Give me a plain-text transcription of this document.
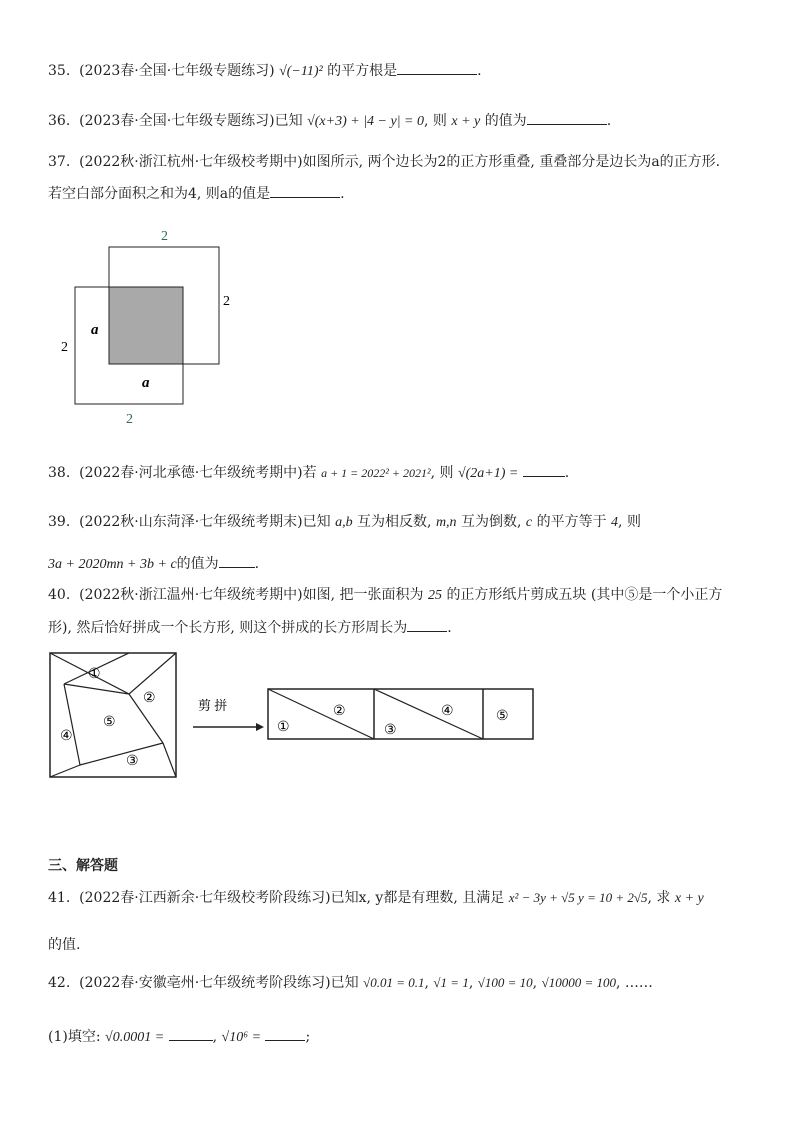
35. (2023春·全国·七年级专题练习) √(−11)² 的平方根是	.
36. (2023春·全国·七年级专题练习)已知 √(x+3) + |4 − y| = 0, 则 x + y 的值为	.
37. (2022秋·浙江杭州·七年级校考期中)如图所示, 两个边长为2的正方形重叠, 重叠部分是边长为a的正方形.
若空白部分面积之和为4, 则a的值是	.
2
2
2
2
a
a
38. (2022春·河北承德·七年级统考期中)若 a + 1 = 2022² + 2021², 则 √(2a+1) =	.
39. (2022秋·山东菏泽·七年级统考期末)已知 a,b 互为相反数, m,n 互为倒数, c 的平方等于 4, 则
3a + 2020mn + 3b + c的值为	.
40. (2022秋·浙江温州·七年级统考期中)如图, 把一张面积为 25 的正方形纸片剪成五块 (其中⑤是一个小正方
形), 然后恰好拼成一个长方形, 则这个拼成的长方形周长为	.
①
②
⑤
④
③
剪 拼
①
②
③
④	⑤
三、解答题
41. (2022春·江西新余·七年级校考阶段练习)已知x, y都是有理数, 且满足 x² − 3y + √5 y = 10 + 2√5, 求 x + y
的值.
42. (2022春·安徽亳州·七年级统考阶段练习)已知 √0.01 = 0.1, √1 = 1, √100 = 10, √10000 = 100, ……
(1)填空: √0.0001 =	, √10⁶ =	;
